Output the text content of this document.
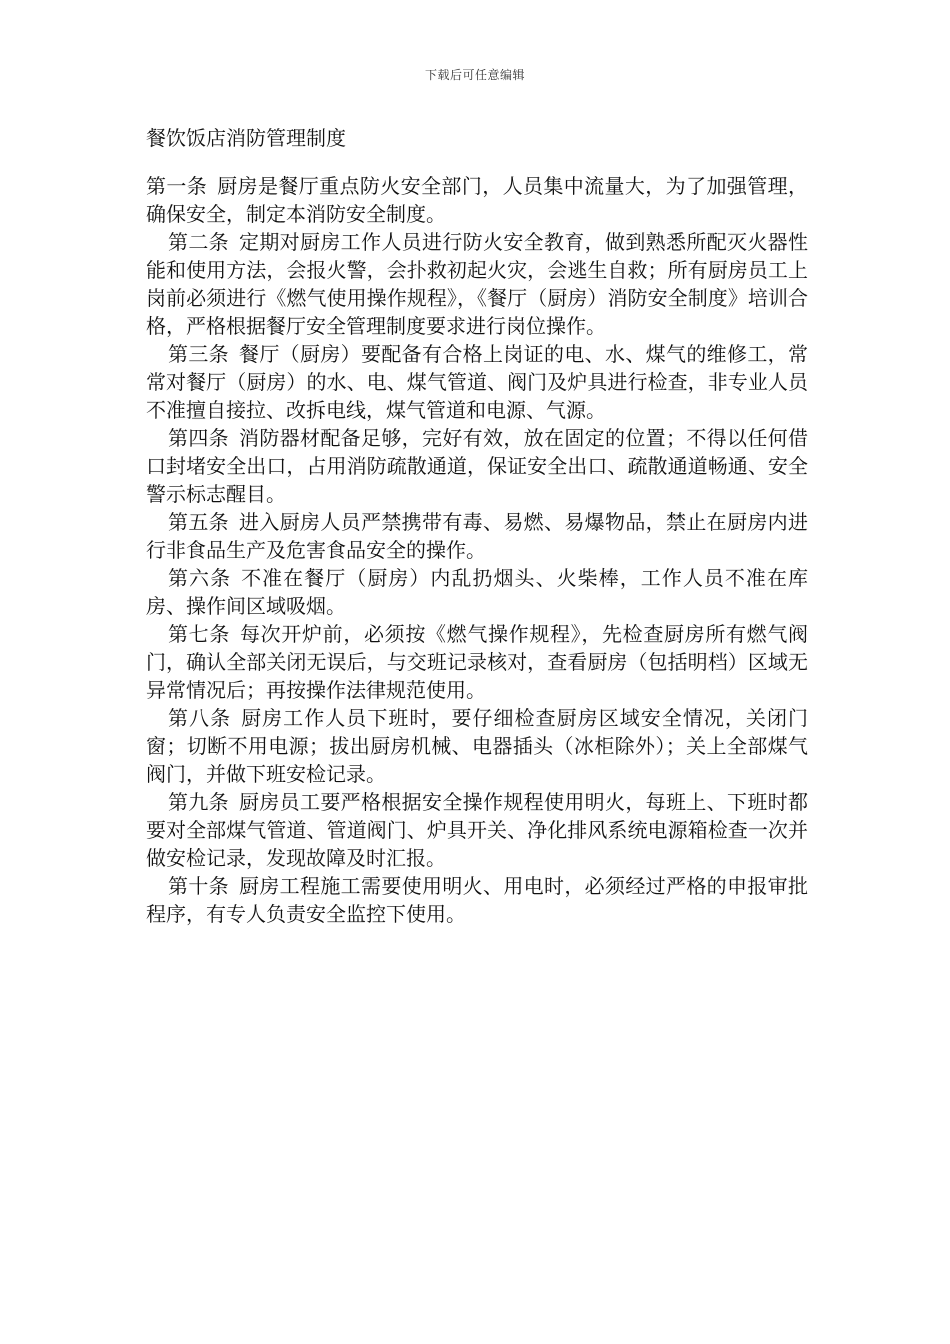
下载后可任意编辑
餐饮饭店消防管理制度

第一条 厨房是餐厅重点防火安全部门，人员集中流量大，为了加强管理，确保安全，制定本消防安全制度。

第二条 定期对厨房工作人员进行防火安全教育，做到熟悉所配灭火器性能和使用方法，会报火警，会扑救初起火灾，会逃生自救；所有厨房员工上岗前必须进行《燃气使用操作规程》，《餐厅（厨房）消防安全制度》培训合格，严格根据餐厅安全管理制度要求进行岗位操作。

第三条 餐厅（厨房）要配备有合格上岗证的电、水、煤气的维修工，常常对餐厅（厨房）的水、电、煤气管道、阀门及炉具进行检查，非专业人员不准擅自接拉、改拆电线，煤气管道和电源、气源。

第四条 消防器材配备足够，完好有效，放在固定的位置；不得以任何借口封堵安全出口，占用消防疏散通道，保证安全出口、疏散通道畅通、安全警示标志醒目。

第五条 进入厨房人员严禁携带有毒、易燃、易爆物品，禁止在厨房内进行非食品生产及危害食品安全的操作。

第六条 不准在餐厅（厨房）内乱扔烟头、火柴棒，工作人员不准在库房、操作间区域吸烟。

第七条 每次开炉前，必须按《燃气操作规程》，先检查厨房所有燃气阀门，确认全部关闭无误后，与交班记录核对，查看厨房（包括明档）区域无异常情况后；再按操作法律规范使用。

第八条 厨房工作人员下班时，要仔细检查厨房区域安全情况，关闭门窗；切断不用电源；拔出厨房机械、电器插头（冰柜除外）；关上全部煤气阀门，并做下班安检记录。

第九条 厨房员工要严格根据安全操作规程使用明火，每班上、下班时都要对全部煤气管道、管道阀门、炉具开关、净化排风系统电源箱检查一次并做安检记录，发现故障及时汇报。

第十条 厨房工程施工需要使用明火、用电时，必须经过严格的申报审批程序，有专人负责安全监控下使用。
